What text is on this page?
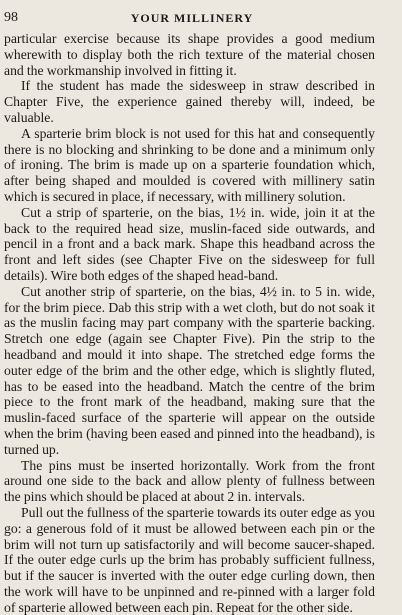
98	YOUR MILLINERY

particular exercise because its shape provides a good medium wherewith to display both the rich texture of the material chosen and the workmanship involved in fitting it.

If the student has made the sidesweep in straw described in Chapter Five, the experience gained thereby will, indeed, be valuable.

A sparterie brim block is not used for this hat and consequently there is no blocking and shrinking to be done and a minimum only of ironing. The brim is made up on a sparterie foundation which, after being shaped and moulded is covered with millinery satin which is secured in place, if necessary, with millinery solution.

Cut a strip of sparterie, on the bias, 1½ in. wide, join it at the back to the required head size, muslin-faced side outwards, and pencil in a front and a back mark. Shape this headband across the front and left sides (see Chapter Five on the sidesweep for full details). Wire both edges of the shaped head-band.

Cut another strip of sparterie, on the bias, 4½ in. to 5 in. wide, for the brim piece. Dab this strip with a wet cloth, but do not soak it as the muslin facing may part company with the sparterie backing. Stretch one edge (again see Chapter Five). Pin the strip to the headband and mould it into shape. The stretched edge forms the outer edge of the brim and the other edge, which is slightly fluted, has to be eased into the headband. Match the centre of the brim piece to the front mark of the headband, making sure that the muslin-faced surface of the sparterie will appear on the outside when the brim (having been eased and pinned into the headband), is turned up.

The pins must be inserted horizontally. Work from the front around one side to the back and allow plenty of fullness between the pins which should be placed at about 2 in. intervals.

Pull out the fullness of the sparterie towards its outer edge as you go: a generous fold of it must be allowed between each pin or the brim will not turn up satisfactorily and will become saucer-shaped. If the outer edge curls up the brim has probably sufficient fullness, but if the saucer is inverted with the outer edge curling down, then the work will have to be unpinned and re-pinned with a larger fold of sparterie allowed between each pin. Repeat for the other side.
